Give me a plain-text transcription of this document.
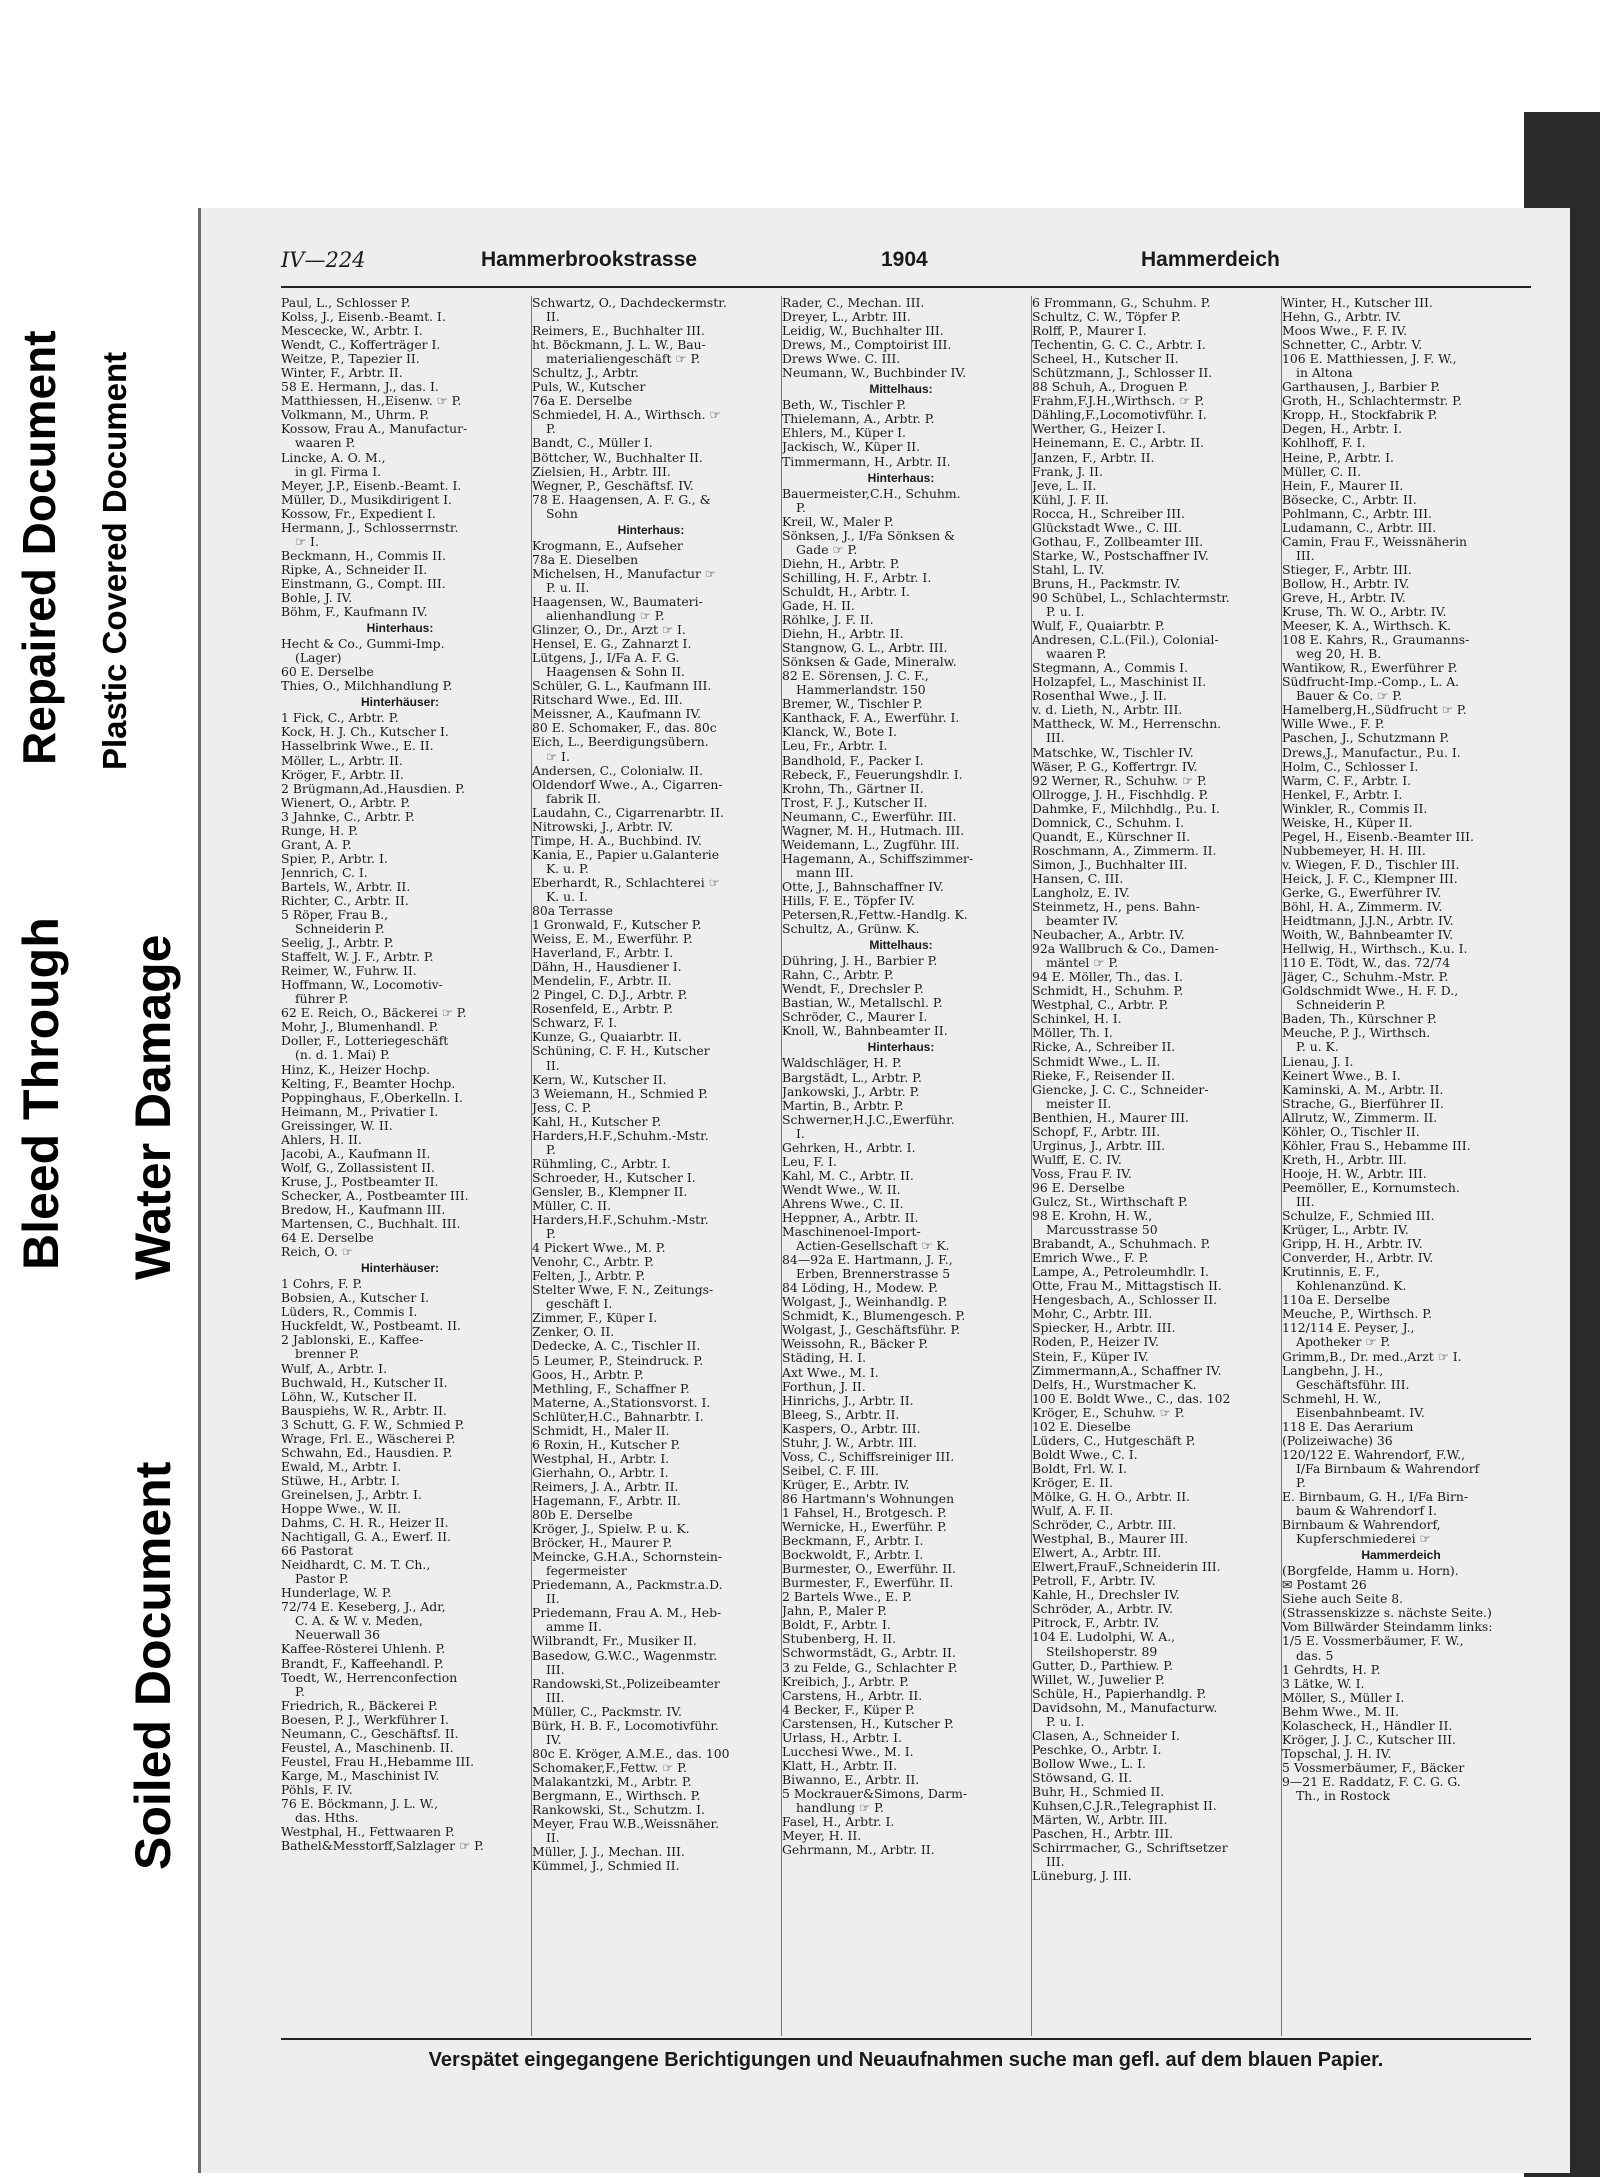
Bleed Through
Repaired Document Plastic Covered Document
Water Damage
Soiled Document
IV—224	Hammerbrookstrasse	1904	Hammerdeich
Paul, L., Schlosser P.
Kolss, J., Eisenb.-Beamt. I.
Mescecke, W., Arbtr. I.
Wendt, C., Kofferträger I.
Weitze, P., Tapezier II.
Winter, F., Arbtr. II.
58 E. Hermann, J., das. I.
Matthiessen, H.,Eisenw. ☞ P.
Volkmann, M., Uhrm. P.
Kossow, Frau A., Manufactur-
waaren P.
Lincke, A. O. M.,
in gl. Firma I.
Meyer, J.P., Eisenb.-Beamt. I.
Müller, D., Musikdirigent I.
Kossow, Fr., Expedient I.
Hermann, J., Schlosserrnstr.
☞ I.
Beckmann, H., Commis II.
Ripke, A., Schneider II.
Einstmann, G., Compt. III.
Bohle, J. IV.
Böhm, F., Kaufmann IV.
Hinterhaus:
Hecht & Co., Gummi-Imp.
(Lager)
60 E. Derselbe
Thies, O., Milchhandlung P.
Hinterhäuser:
1 Fick, C., Arbtr. P.
Kock, H. J. Ch., Kutscher I.
Hasselbrink Wwe., E. II.
Möller, L., Arbtr. II.
Kröger, F., Arbtr. II.
2 Brügmann,Ad.,Hausdien. P.
Wienert, O., Arbtr. P.
3 Jahnke, C., Arbtr. P.
Runge, H. P.
Grant, A. P.
Spier, P., Arbtr. I.
Jennrich, C. I.
Bartels, W., Arbtr. II.
Richter, C., Arbtr. II.
5 Röper, Frau B.,
Schneiderin P.
Seelig, J., Arbtr. P.
Staffelt, W. J. F., Arbtr. P.
Reimer, W., Fuhrw. II.
Hoffmann, W., Locomotiv-
führer P.
62 E. Reich, O., Bäckerei ☞ P.
Mohr, J., Blumenhandl. P.
Doller, F., Lotteriegeschäft
(n. d. 1. Mai) P.
Hinz, K., Heizer Hochp.
Kelting, F., Beamter Hochp.
Poppinghaus, F.,Oberkelln. I.
Heimann, M., Privatier I.
Greissinger, W. II.
Ahlers, H. II.
Jacobi, A., Kaufmann II.
Wolf, G., Zollassistent II.
Kruse, J., Postbeamter II.
Schecker, A., Postbeamter III.
Bredow, H., Kaufmann III.
Martensen, C., Buchhalt. III.
64 E. Derselbe
Reich, O. ☞
Hinterhäuser:
1 Cohrs, F. P.
Bobsien, A., Kutscher I.
Lüders, R., Commis I.
Huckfeldt, W., Postbeamt. II.
2 Jablonski, E., Kaffee-
brenner P.
Wulf, A., Arbtr. I.
Buchwald, H., Kutscher II.
Löhn, W., Kutscher II.
Bauspiehs, W. R., Arbtr. II.
3 Schutt, G. F. W., Schmied P.
Wrage, Frl. E., Wäscherei P.
Schwahn, Ed., Hausdien. P.
Ewald, M., Arbtr. I.
Stüwe, H., Arbtr. I.
Greinelsen, J., Arbtr. I.
Hoppe Wwe., W. II.
Dahms, C. H. R., Heizer II.
Nachtigall, G. A., Ewerf. II.
66 Pastorat
Neidhardt, C. M. T. Ch.,
Pastor P.
Hunderlage, W. P.
72/74 E. Keseberg, J., Adr,
C. A. & W. v. Meden,
Neuerwall 36
Kaffee-Rösterei Uhlenh. P.
Brandt, F., Kaffeehandl. P.
Toedt, W., Herrenconfection
P.
Friedrich, R., Bäckerei P.
Boesen, P. J., Werkführer I.
Neumann, C., Geschäftsf. II.
Feustel, A., Maschinenb. II.
Feustel, Frau H.,Hebamme III.
Karge, M., Maschinist IV.
Pöhls, F. IV.
76 E. Böckmann, J. L. W.,
das. Hths.
Westphal, H., Fettwaaren P.
Bathel&Messtorff,Salzlager ☞ P.
Schwartz, O., Dachdeckermstr.
II.
Reimers, E., Buchhalter III.
ht. Böckmann, J. L. W., Bau-
materialiengeschäft ☞ P.
Schultz, J., Arbtr.
Puls, W., Kutscher
76a E. Derselbe
Schmiedel, H. A., Wirthsch. ☞
P.
Bandt, C., Müller I.
Böttcher, W., Buchhalter II.
Zielsien, H., Arbtr. III.
Wegner, P., Geschäftsf. IV.
78 E. Haagensen, A. F. G., &
Sohn
Hinterhaus:
Krogmann, E., Aufseher
78a E. Dieselben
Michelsen, H., Manufactur ☞
P. u. II.
Haagensen, W., Baumateri-
alienhandlung ☞ P.
Glinzer, O., Dr., Arzt ☞ I.
Hensel, E. G., Zahnarzt I.
Lütgens, J., I/Fa A. F. G.
Haagensen & Sohn II.
Schüler, G. L., Kaufmann III.
Ritschard Wwe., Ed. III.
Meissner, A., Kaufmann IV.
80 E. Schomaker, F., das. 80c
Eich, L., Beerdigungsübern.
☞ I.
Andersen, C., Colonialw. II.
Oldendorf Wwe., A., Cigarren-
fabrik II.
Laudahn, C., Cigarrenarbtr. II.
Nitrowski, J., Arbtr. IV.
Timpe, H. A., Buchbind. IV.
Kania, E., Papier u.Galanterie
K. u. P.
Eberhardt, R., Schlachterei ☞
K. u. I.
80a Terrasse
1 Gronwald, F., Kutscher P.
Weiss, E. M., Ewerführ. P.
Haverland, F., Arbtr. I.
Dähn, H., Hausdiener I.
Mendelin, F., Arbtr. II.
2 Pingel, C. D.J., Arbtr. P.
Rosenfeld, E., Arbtr. P.
Schwarz, F. I.
Kunze, G., Quaiarbtr. II.
Schüning, C. F. H., Kutscher
II.
Kern, W., Kutscher II.
3 Weiemann, H., Schmied P.
Jess, C. P.
Kahl, H., Kutscher P.
Harders,H.F.,Schuhm.-Mstr.
P.
Rühmling, C., Arbtr. I.
Schroeder, H., Kutscher I.
Gensler, B., Klempner II.
Müller, C. II.
Harders,H.F.,Schuhm.-Mstr.
P.
4 Pickert Wwe., M. P.
Venohr, C., Arbtr. P.
Felten, J., Arbtr. P.
Stelter Wwe, F. N., Zeitungs-
geschäft I.
Zimmer, F., Küper I.
Zenker, O. II.
Dedecke, A. C., Tischler II.
5 Leumer, P., Steindruck. P.
Goos, H., Arbtr. P.
Methling, F., Schaffner P.
Materne, A.,Stationsvorst. I.
Schlüter,H.C., Bahnarbtr. I.
Schmidt, H., Maler II.
6 Roxin, H., Kutscher P.
Westphal, H., Arbtr. I.
Gierhahn, O., Arbtr. I.
Reimers, J. A., Arbtr. II.
Hagemann, F., Arbtr. II.
80b E. Derselbe
Kröger, J., Spielw. P. u. K.
Bröcker, H., Maurer P.
Meincke, G.H.A., Schornstein-
fegermeister
Priedemann, A., Packmstr.a.D.
II.
Priedemann, Frau A. M., Heb-
amme II.
Wilbrandt, Fr., Musiker II.
Basedow, G.W.C., Wagenmstr.
III.
Randowski,St.,Polizeibeamter
III.
Müller, C., Packmstr. IV.
Bürk, H. B. F., Locomotivführ.
IV.
80c E. Kröger, A.M.E., das. 100
Schomaker,F.,Fettw. ☞ P.
Malakantzki, M., Arbtr. P.
Bergmann, E., Wirthsch. P.
Rankowski, St., Schutzm. I.
Meyer, Frau W.B.,Weissnäher.
II.
Müller, J. J., Mechan. III.
Kümmel, J., Schmied II.
Rader, C., Mechan. III.
Dreyer, L., Arbtr. III.
Leidig, W., Buchhalter III.
Drews, M., Comptoirist III.
Drews Wwe. C. III.
Neumann, W., Buchbinder IV.
Mittelhaus:
Beth, W., Tischler P.
Thielemann, A., Arbtr. P.
Ehlers, M., Küper I.
Jackisch, W., Küper II.
Timmermann, H., Arbtr. II.
Hinterhaus:
Bauermeister,C.H., Schuhm.
P.
Kreil, W., Maler P.
Sönksen, J., I/Fa Sönksen &
Gade ☞ P.
Diehn, H., Arbtr. P.
Schilling, H. F., Arbtr. I.
Schuldt, H., Arbtr. I.
Gade, H. II.
Röhlke, J. F. II.
Diehn, H., Arbtr. II.
Stangnow, G. L., Arbtr. III.
Sönksen & Gade, Mineralw.
82 E. Sörensen, J. C. F.,
Hammerlandstr. 150
Bremer, W., Tischler P.
Kanthack, F. A., Ewerführ. I.
Klanck, W., Bote I.
Leu, Fr., Arbtr. I.
Bandhold, F., Packer I.
Rebeck, F., Feuerungshdlr. I.
Krohn, Th., Gärtner II.
Trost, F. J., Kutscher II.
Neumann, C., Ewerführ. III.
Wagner, M. H., Hutmach. III.
Weidemann, L., Zugführ. III.
Hagemann, A., Schiffszimmer-
mann III.
Otte, J., Bahnschaffner IV.
Hills, F. E., Töpfer IV.
Petersen,R.,Fettw.-Handlg. K.
Schultz, A., Grünw. K.
Mittelhaus:
Dühring, J. H., Barbier P.
Rahn, C., Arbtr. P.
Wendt, F., Drechsler P.
Bastian, W., Metallschl. P.
Schröder, C., Maurer I.
Knoll, W., Bahnbeamter II.
Hinterhaus:
Waldschläger, H. P.
Bargstädt, L., Arbtr. P.
Jankowski, J., Arbtr. P.
Martin, B., Arbtr. P.
Schwerner,H.J.C.,Ewerführ.
I.
Gehrken, H., Arbtr. I.
Leu, F. I.
Kahl, M. C., Arbtr. II.
Wendt Wwe., W. II.
Ahrens Wwe., C. II.
Heppner, A., Arbtr. II.
Maschinenoel-Import-
Actien-Gesellschaft ☞ K.
84—92a E. Hartmann, J. F.,
Erben, Brennerstrasse 5
84 Löding, H., Modew. P.
Wolgast, J., Weinhandlg. P.
Schmidt, K., Blumengesch. P.
Wolgast, J., Geschäftsführ. P.
Weissohn, R., Bäcker P.
Städing, H. I.
Axt Wwe., M. I.
Forthun, J. II.
Hinrichs, J., Arbtr. II.
Bleeg, S., Arbtr. II.
Kaspers, O., Arbtr. III.
Stuhr, J. W., Arbtr. III.
Voss, C., Schiffsreiniger III.
Seibel, C. F. III.
Krüger, E., Arbtr. IV.
86 Hartmann's Wohnungen
1 Fahsel, H., Brotgesch. P.
Wernicke, H., Ewerführ. P.
Beckmann, F., Arbtr. I.
Bockwoldt, F., Arbtr. I.
Burmester, O., Ewerführ. II.
Burmester, F., Ewerführ. II.
2 Bartels Wwe., E. P.
Jahn, P., Maler P.
Boldt, F., Arbtr. I.
Stubenberg, H. II.
Schwormstädt, G., Arbtr. II.
3 zu Felde, G., Schlachter P.
Kreibich, J., Arbtr. P.
Carstens, H., Arbtr. II.
4 Becker, F., Küper P.
Carstensen, H., Kutscher P.
Urlass, H., Arbtr. I.
Lucchesi Wwe., M. I.
Klatt, H., Arbtr. II.
Biwanno, E., Arbtr. II.
5 Mockrauer&Simons, Darm-
handlung ☞ P.
Fasel, H., Arbtr. I.
Meyer, H. II.
Gehrmann, M., Arbtr. II.
6 Frommann, G., Schuhm. P.
Schultz, C. W., Töpfer P.
Rolff, P., Maurer I.
Techentin, G. C. C., Arbtr. I.
Scheel, H., Kutscher II.
Schützmann, J., Schlosser II.
88 Schuh, A., Droguen P.
Frahm,F.J.H.,Wirthsch. ☞ P.
Dähling,F.,Locomotivführ. I.
Werther, G., Heizer I.
Heinemann, E. C., Arbtr. II.
Janzen, F., Arbtr. II.
Frank, J. II.
Jeve, L. II.
Kühl, J. F. II.
Rocca, H., Schreiber III.
Glückstadt Wwe., C. III.
Gothau, F., Zollbeamter III.
Starke, W., Postschaffner IV.
Stahl, L. IV.
Bruns, H., Packmstr. IV.
90 Schübel, L., Schlachtermstr.
P. u. I.
Wulf, F., Quaiarbtr. P.
Andresen, C.L.(Fil.), Colonial-
waaren P.
Stegmann, A., Commis I.
Holzapfel, L., Maschinist II.
Rosenthal Wwe., J. II.
v. d. Lieth, N., Arbtr. III.
Mattheck, W. M., Herrenschn.
III.
Matschke, W., Tischler IV.
Wäser, P. G., Koffertrgr. IV.
92 Werner, R., Schuhw. ☞ P.
Ollrogge, J. H., Fischhdlg. P.
Dahmke, F., Milchhdlg., P.u. I.
Domnick, C., Schuhm. I.
Quandt, E., Kürschner II.
Roschmann, A., Zimmerm. II.
Simon, J., Buchhalter III.
Hansen, C. III.
Langholz, E. IV.
Steinmetz, H., pens. Bahn-
beamter IV.
Neubacher, A., Arbtr. IV.
92a Wallbruch & Co., Damen-
mäntel ☞ P.
94 E. Möller, Th., das. I.
Schmidt, H., Schuhm. P.
Westphal, C., Arbtr. P.
Schinkel, H. I.
Möller, Th. I.
Ricke, A., Schreiber II.
Schmidt Wwe., L. II.
Rieke, F., Reisender II.
Giencke, J. C. C., Schneider-
meister II.
Benthien, H., Maurer III.
Schopf, F., Arbtr. III.
Urginus, J., Arbtr. III.
Wulff, E. C. IV.
Voss, Frau F. IV.
96 E. Derselbe
Gulcz, St., Wirthschaft P.
98 E. Krohn, H. W.,
Marcusstrasse 50
Brabandt, A., Schuhmach. P.
Emrich Wwe., F. P.
Lampe, A., Petroleumhdlr. I.
Otte, Frau M., Mittagstisch II.
Hengesbach, A., Schlosser II.
Mohr, C., Arbtr. III.
Spiecker, H., Arbtr. III.
Roden, P., Heizer IV.
Stein, F., Küper IV.
Zimmermann,A., Schaffner IV.
Delfs, H., Wurstmacher K.
100 E. Boldt Wwe., C., das. 102
Kröger, E., Schuhw. ☞ P.
102 E. Dieselbe
Lüders, C., Hutgeschäft P.
Boldt Wwe., C. I.
Boldt, Frl. W. I.
Kröger, E. II.
Mölke, G. H. O., Arbtr. II.
Wulf, A. F. II.
Schröder, C., Arbtr. III.
Westphal, B., Maurer III.
Elwert, A., Arbtr. III.
Elwert,FrauF.,Schneiderin III.
Petroll, F., Arbtr. IV.
Kahle, H., Drechsler IV.
Schröder, A., Arbtr. IV.
Pitrock, F., Arbtr. IV.
104 E. Ludolphi, W. A.,
Steilshoperstr. 89
Gutter, D., Parthiew. P.
Willet, W., Juwelier P.
Schüle, H., Papierhandlg. P.
Davidsohn, M., Manufacturw.
P. u. I.
Clasen, A., Schneider I.
Peschke, O., Arbtr. I.
Bollow Wwe., L. I.
Stöwsand, G. II.
Buhr, H., Schmied II.
Kuhsen,C.J.R.,Telegraphist II.
Märten, W., Arbtr. III.
Paschen, H., Arbtr. III.
Schirrmacher, G., Schriftsetzer
III.
Lüneburg, J. III.
Winter, H., Kutscher III.
Hehn, G., Arbtr. IV.
Moos Wwe., F. F. IV.
Schnetter, C., Arbtr. V.
106 E. Matthiessen, J. F. W.,
in Altona
Garthausen, J., Barbier P.
Groth, H., Schlachtermstr. P.
Kropp, H., Stockfabrik P.
Degen, H., Arbtr. I.
Kohlhoff, F. I.
Heine, P., Arbtr. I.
Müller, C. II.
Hein, F., Maurer II.
Bösecke, C., Arbtr. II.
Pohlmann, C., Arbtr. III.
Ludamann, C., Arbtr. III.
Camin, Frau F., Weissnäherin
III.
Stieger, F., Arbtr. III.
Bollow, H., Arbtr. IV.
Greve, H., Arbtr. IV.
Kruse, Th. W. O., Arbtr. IV.
Meeser, K. A., Wirthsch. K.
108 E. Kahrs, R., Graumanns-
weg 20, H. B.
Wantikow, R., Ewerführer P.
Südfrucht-Imp.-Comp., L. A.
Bauer & Co. ☞ P.
Hamelberg,H.,Südfrucht ☞ P.
Wille Wwe., F. P.
Paschen, J., Schutzmann P.
Drews,J., Manufactur., P.u. I.
Holm, C., Schlosser I.
Warm, C. F., Arbtr. I.
Henkel, F., Arbtr. I.
Winkler, R., Commis II.
Weiske, H., Küper II.
Pegel, H., Eisenb.-Beamter III.
Nubbemeyer, H. H. III.
v. Wiegen, F. D., Tischler III.
Heick, J. F. C., Klempner III.
Gerke, G., Ewerführer IV.
Böhl, H. A., Zimmerm. IV.
Heidtmann, J.J.N., Arbtr. IV.
Woith, W., Bahnbeamter IV.
Hellwig, H., Wirthsch., K.u. I.
110 E. Tödt, W., das. 72/74
Jäger, C., Schuhm.-Mstr. P.
Goldschmidt Wwe., H. F. D.,
Schneiderin P.
Baden, Th., Kürschner P.
Meuche, P. J., Wirthsch.
P. u. K.
Lienau, J. I.
Keinert Wwe., B. I.
Kaminski, A. M., Arbtr. II.
Strache, G., Bierführer II.
Allrutz, W., Zimmerm. II.
Köhler, O., Tischler II.
Köhler, Frau S., Hebamme III.
Kreth, H., Arbtr. III.
Hooje, H. W., Arbtr. III.
Peemöller, E., Kornumstech.
III.
Schulze, F., Schmied III.
Krüger, L., Arbtr. IV.
Gripp, H. H., Arbtr. IV.
Converder, H., Arbtr. IV.
Krutinnis, E. F.,
Kohlenanzünd. K.
110a E. Derselbe
Meuche, P., Wirthsch. P.
112/114 E. Peyser, J.,
Apotheker ☞ P.
Grimm,B., Dr. med.,Arzt ☞ I.
Langbehn, J. H.,
Geschäftsführ. III.
Schmehl, H. W.,
Eisenbahnbeamt. IV.
118 E. Das Aerarium
(Polizeiwache) 36
120/122 E. Wahrendorf, F.W.,
I/Fa Birnbaum & Wahrendorf
P.
E. Birnbaum, G. H., I/Fa Birn-
baum & Wahrendorf I.
Birnbaum & Wahrendorf,
Kupferschmiederei ☞
Hammerdeich
(Borgfelde, Hamm u. Horn).
✉ Postamt 26
Siehe auch Seite 8.
(Strassenskizze s. nächste Seite.)
Vom Billwärder Steindamm links:
1/5 E. Vossmerbäumer, F. W.,
das. 5
1 Gehrdts, H. P.
3 Lätke, W. I.
Möller, S., Müller I.
Behm Wwe., M. II.
Kolascheck, H., Händler II.
Kröger, J. J. C., Kutscher III.
Topschal, J. H. IV.
5 Vossmerbäumer, F., Bäcker
9—21 E. Raddatz, F. C. G. G.
Th., in Rostock
Verspätet eingegangene Berichtigungen und Neuaufnahmen suche man gefl. auf dem blauen Papier.
